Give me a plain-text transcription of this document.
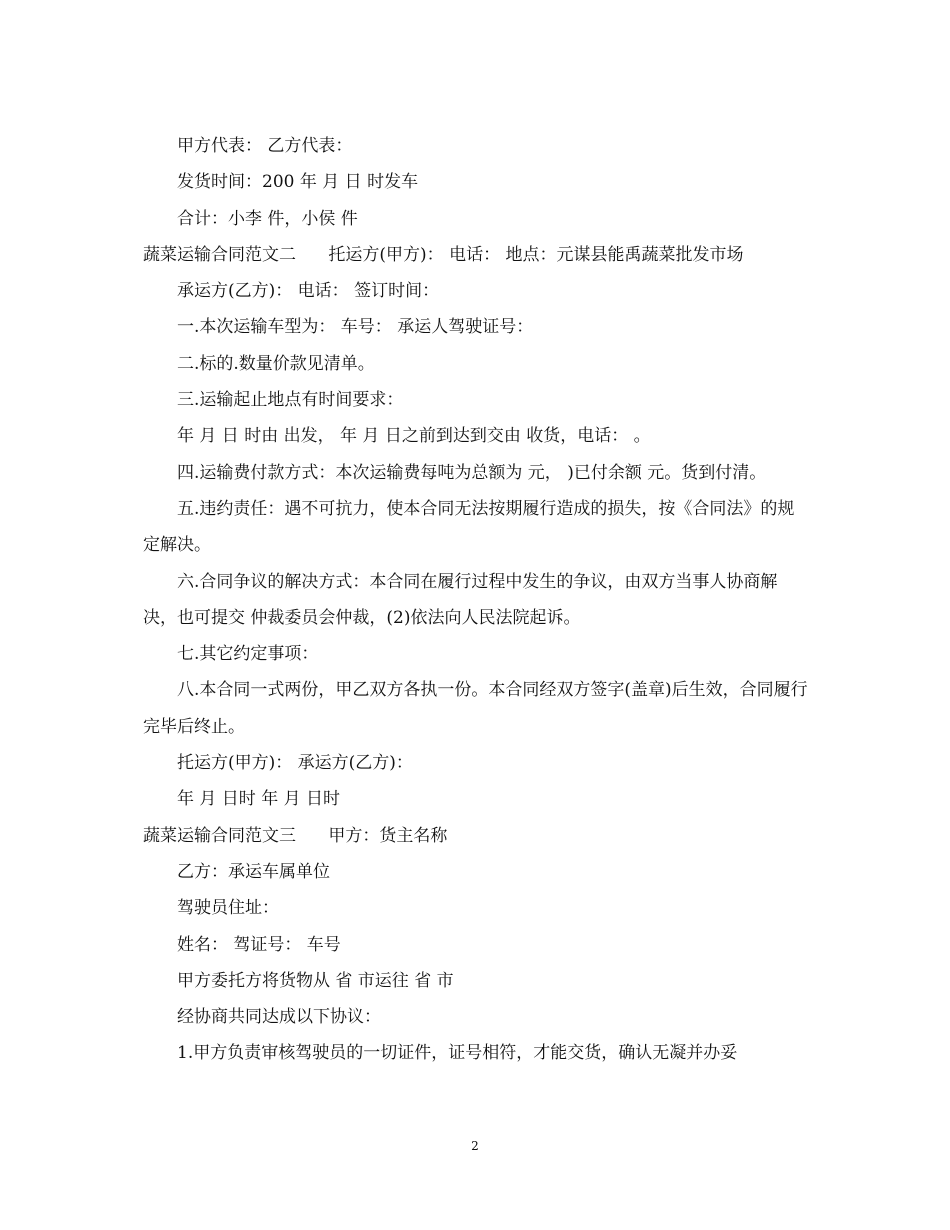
甲方代表： 乙方代表：

发货时间：200 年 月 日 时发车

合计：小李 件，小侯 件

蔬菜运输合同范文二      托运方(甲方)： 电话： 地点：元谋县能禹蔬菜批发市场

承运方(乙方)： 电话： 签订时间：

一.本次运输车型为： 车号： 承运人驾驶证号：

二.标的.数量价款见清单。

三.运输起止地点有时间要求：

年 月 日 时由 出发， 年 月 日之前到达到交由 收货，电话： 。

四.运输费付款方式：本次运输费每吨为总额为 元， )已付余额 元。货到付清。

五.违约责任：遇不可抗力，使本合同无法按期履行造成的损失，按《合同法》的规定解决。

六.合同争议的解决方式：本合同在履行过程中发生的争议，由双方当事人协商解决，也可提交 仲裁委员会仲裁，(2)依法向人民法院起诉。

七.其它约定事项：

八.本合同一式两份，甲乙双方各执一份。本合同经双方签字(盖章)后生效，合同履行完毕后终止。

托运方(甲方)： 承运方(乙方)：

年 月 日时 年 月 日时

蔬菜运输合同范文三      甲方：货主名称

乙方：承运车属单位

驾驶员住址：

姓名： 驾证号： 车号

甲方委托方将货物从 省 市运往 省 市

经协商共同达成以下协议：

1.甲方负责审核驾驶员的一切证件，证号相符，才能交货，确认无凝并办妥

2
